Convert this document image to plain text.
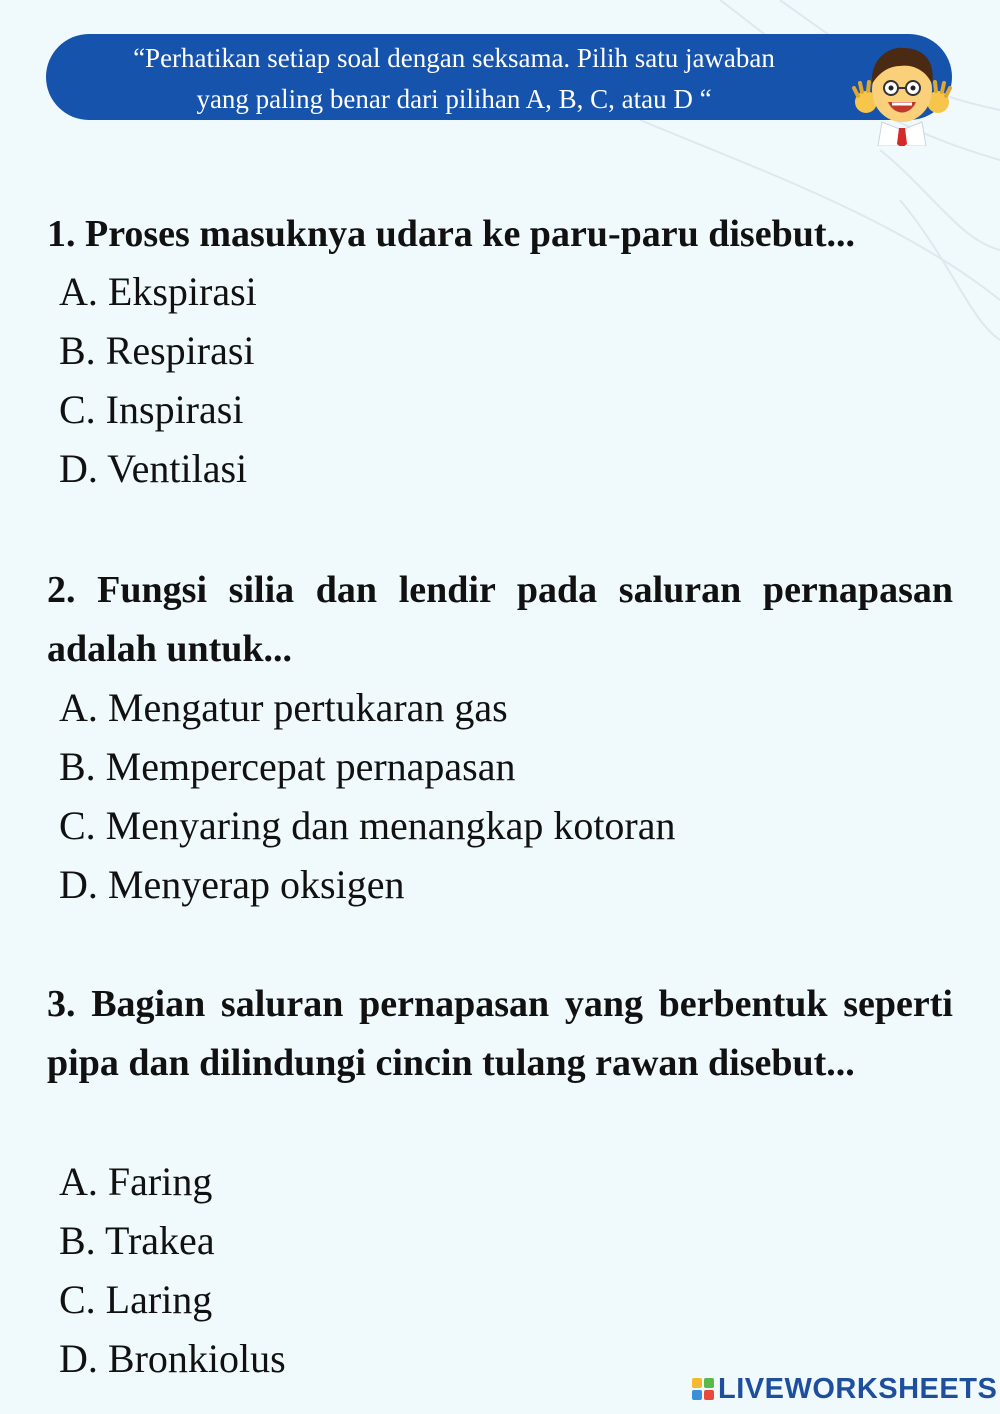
“Perhatikan setiap soal dengan seksama. Pilih satu jawaban
yang paling benar dari pilihan A, B, C, atau D “

1. Proses masuknya udara ke paru-paru disebut...

A. Ekspirasi
B. Respirasi
C. Inspirasi
D. Ventilasi

2. Fungsi silia dan lendir pada saluran pernapasan adalah untuk...

A. Mengatur pertukaran gas
B. Mempercepat pernapasan
C. Menyaring dan menangkap kotoran
D. Menyerap oksigen

3. Bagian saluran pernapasan yang berbentuk seperti pipa dan dilindungi cincin tulang rawan disebut...

A. Faring
B. Trakea
C. Laring
D. Bronkiolus
LIVEWORKSHEETS
